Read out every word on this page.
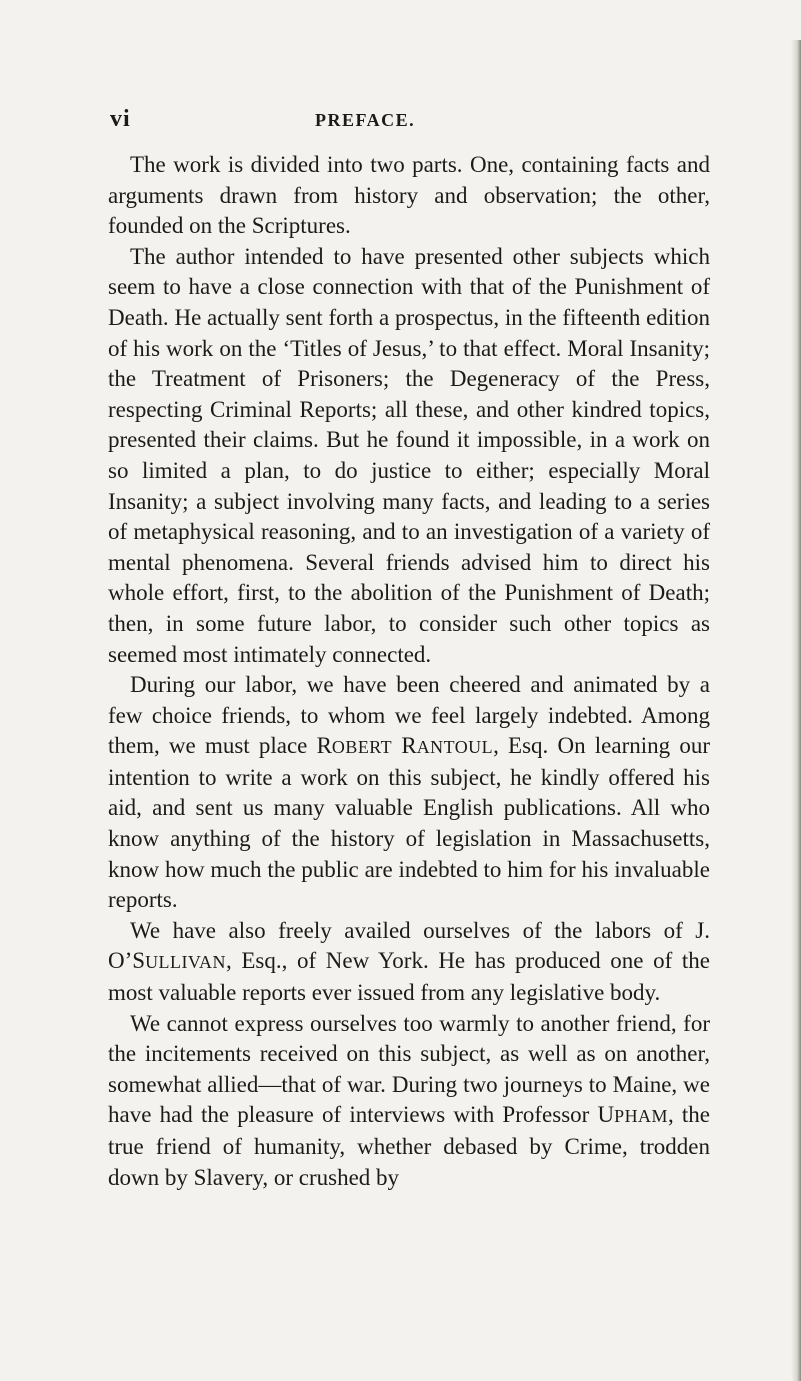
vi	PREFACE.

The work is divided into two parts. One, containing facts and arguments drawn from history and observation; the other, founded on the Scriptures.

The author intended to have presented other subjects which seem to have a close connection with that of the Punishment of Death. He actually sent forth a prospectus, in the fifteenth edition of his work on the ‘Titles of Jesus,’ to that effect. Moral Insanity; the Treatment of Prisoners; the Degeneracy of the Press, respecting Criminal Reports; all these, and other kindred topics, presented their claims. But he found it impossible, in a work on so limited a plan, to do justice to either; especially Moral Insanity; a subject involving many facts, and leading to a series of metaphysical reasoning, and to an investigation of a variety of mental phenomena. Several friends advised him to direct his whole effort, first, to the abolition of the Punishment of Death; then, in some future labor, to consider such other topics as seemed most intimately connected.

During our labor, we have been cheered and animated by a few choice friends, to whom we feel largely indebted. Among them, we must place ROBERT RANTOUL, Esq. On learning our intention to write a work on this subject, he kindly offered his aid, and sent us many valuable English publications. All who know anything of the history of legislation in Massachusetts, know how much the public are indebted to him for his invaluable reports.

We have also freely availed ourselves of the labors of J. O’SULLIVAN, Esq., of New York. He has produced one of the most valuable reports ever issued from any legislative body.

We cannot express ourselves too warmly to another friend, for the incitements received on this subject, as well as on another, somewhat allied—that of war. During two journeys to Maine, we have had the pleasure of interviews with Professor UPHAM, the true friend of humanity, whether debased by Crime, trodden down by Slavery, or crushed by
